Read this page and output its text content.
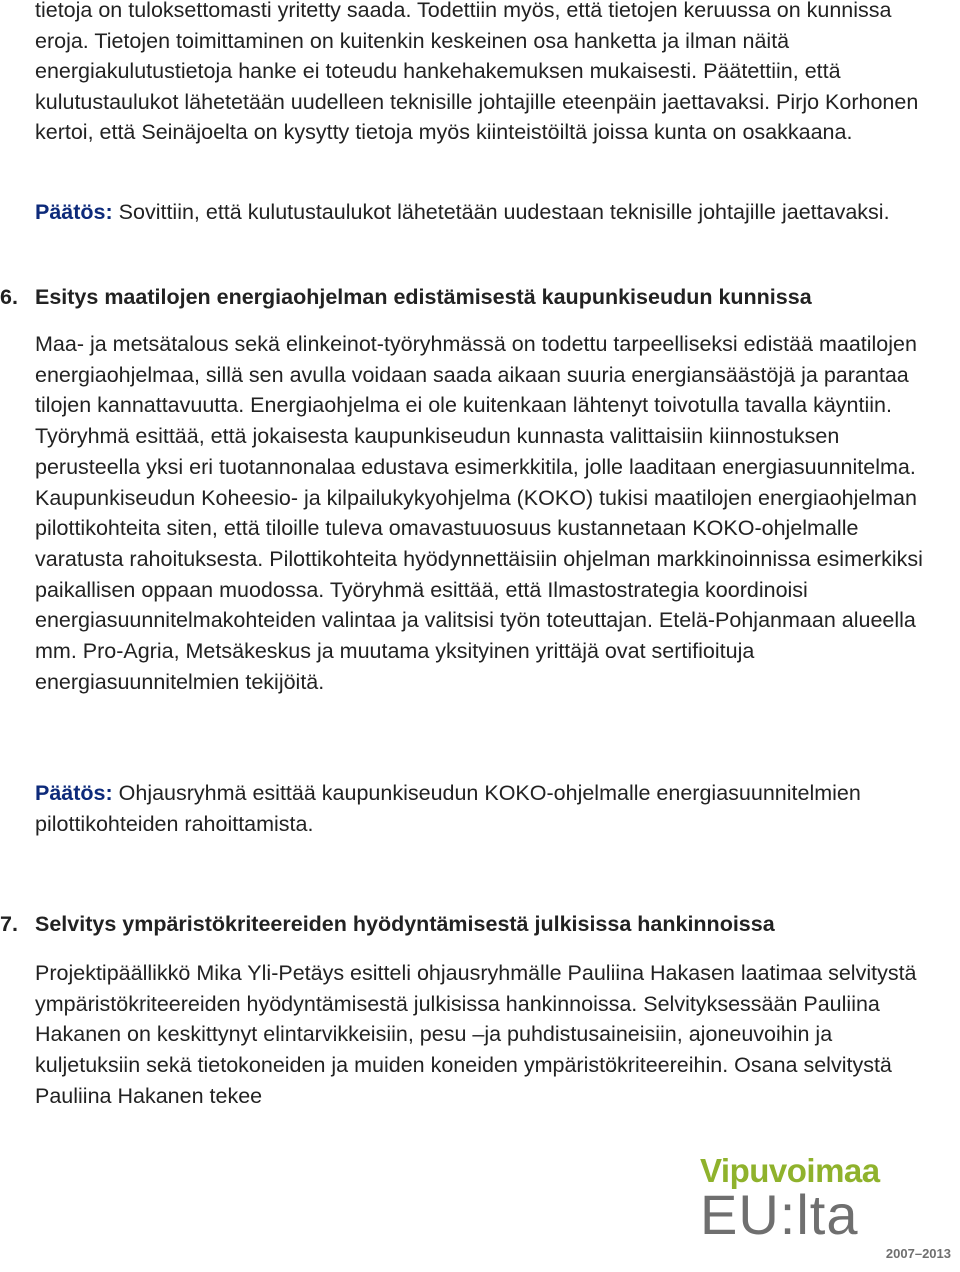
tietoja on tuloksettomasti yritetty saada. Todettiin myös, että tietojen keruussa on kunnissa eroja. Tietojen toimittaminen on kuitenkin keskeinen osa hanketta ja ilman näitä energiakulutustietoja hanke ei toteudu hankehakemuksen mukaisesti. Päätettiin, että kulutustaulukot lähetetään uudelleen teknisille johtajille eteenpäin jaettavaksi. Pirjo Korhonen kertoi, että Seinäjoelta on kysytty tietoja myös kiinteistöiltä joissa kunta on osakkaana.

Päätös: Sovittiin, että kulutustaulukot lähetetään uudestaan teknisille johtajille jaettavaksi.

6. Esitys maatilojen energiaohjelman edistämisestä kaupunkiseudun kunnissa

Maa- ja metsätalous sekä elinkeinot-työryhmässä on todettu tarpeelliseksi edistää maatilojen energiaohjelmaa, sillä sen avulla voidaan saada aikaan suuria energiansäästöjä ja parantaa tilojen kannattavuutta. Energiaohjelma ei ole kuitenkaan lähtenyt toivotulla tavalla käyntiin. Työryhmä esittää, että jokaisesta kaupunkiseudun kunnasta valittaisiin kiinnostuksen perusteella yksi eri tuotannonalaa edustava esimerkkitila, jolle laaditaan energiasuunnitelma. Kaupunkiseudun Koheesio- ja kilpailukykyohjelma (KOKO) tukisi maatilojen energiaohjelman pilottikohteita siten, että tiloille tuleva omavastuuosuus kustannetaan KOKO-ohjelmalle varatusta rahoituksesta. Pilottikohteita hyödynnettäisiin ohjelman markkinoinnissa esimerkiksi paikallisen oppaan muodossa. Työryhmä esittää, että Ilmastostrategia koordinoisi energiasuunnitelmakohteiden valintaa ja valitsisi työn toteuttajan. Etelä-Pohjanmaan alueella mm. Pro-Agria, Metsäkeskus ja muutama yksityinen yrittäjä ovat sertifioituja energiasuunnitelmien tekijöitä.

Päätös: Ohjausryhmä esittää kaupunkiseudun KOKO-ohjelmalle energiasuunnitelmien pilottikohteiden rahoittamista.

7. Selvitys ympäristökriteereiden hyödyntämisestä julkisissa hankinnoissa

Projektipäällikkö Mika Yli-Petäys esitteli ohjausryhmälle Pauliina Hakasen laatimaa selvitystä ympäristökriteereiden hyödyntämisestä julkisissa hankinnoissa. Selvityksessään Pauliina Hakanen on keskittynyt elintarvikkeisiin, pesu –ja puhdistusaineisiin, ajoneuvoihin ja kuljetuksiin sekä tietokoneiden ja muiden koneiden ympäristökriteereihin. Osana selvitystä Pauliina Hakanen tekee

Vipuvoimaa
EU:lta
2007–2013
